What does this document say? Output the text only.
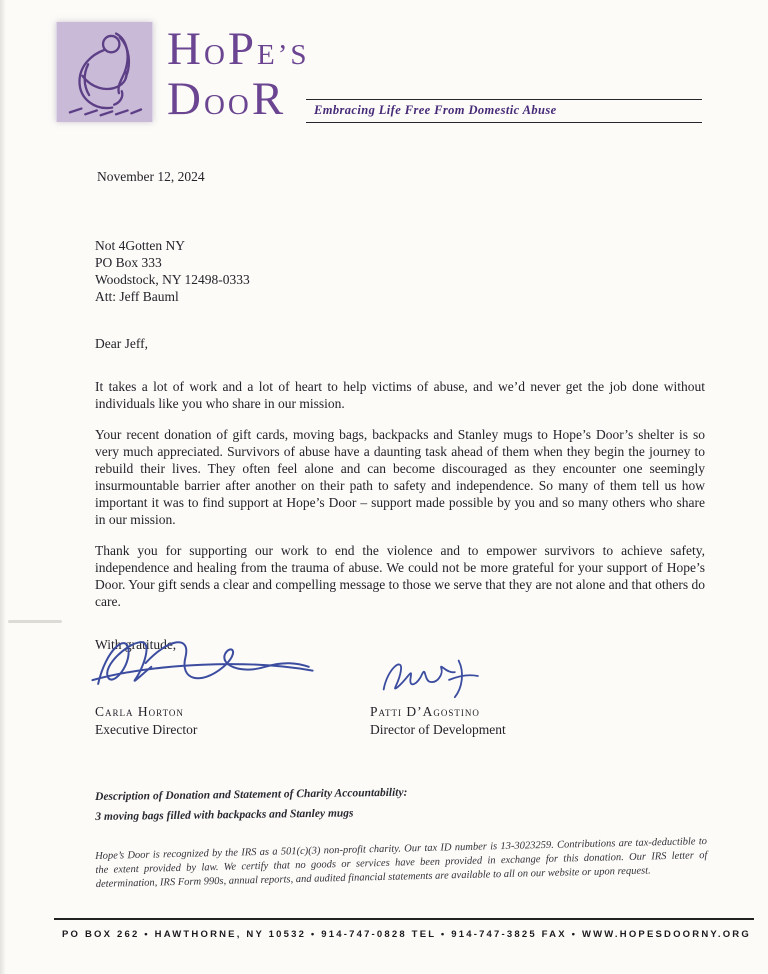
HOPE’S
DOOR	Embracing Life Free From Domestic Abuse

November 12, 2024

Not 4Gotten NY
PO Box 333
Woodstock, NY 12498-0333
Att: Jeff Bauml

Dear Jeff,

It takes a lot of work and a lot of heart to help victims of abuse, and we’d never get the job done without individuals like you who share in our mission.

Your recent donation of gift cards, moving bags, backpacks and Stanley mugs to Hope’s Door’s shelter is so very much appreciated. Survivors of abuse have a daunting task ahead of them when they begin the journey to rebuild their lives. They often feel alone and can become discouraged as they encounter one seemingly insurmountable barrier after another on their path to safety and independence. So many of them tell us how important it was to find support at Hope’s Door – support made possible by you and so many others who share in our mission.

Thank you for supporting our work to end the violence and to empower survivors to achieve safety, independence and healing from the trauma of abuse. We could not be more grateful for your support of Hope’s Door. Your gift sends a clear and compelling message to those we serve that they are not alone and that others do care.

With gratitude,

Carla Horton
Executive Director
Patti D’Agostino
Director of Development
Description of Donation and Statement of Charity Accountability:
3 moving bags filled with backpacks and Stanley mugs
Hope’s Door is recognized by the IRS as a 501(c)(3) non-profit charity. Our tax ID number is 13-3023259. Contributions are tax-deductible to the extent provided by law. We certify that no goods or services have been provided in exchange for this donation. Our IRS letter of determination, IRS Form 990s, annual reports, and audited financial statements are available to all on our website or upon request.
PO BOX 262 • HAWTHORNE, NY 10532 • 914-747-0828 TEL • 914-747-3825 FAX • WWW.HOPESDOORNY.ORG
